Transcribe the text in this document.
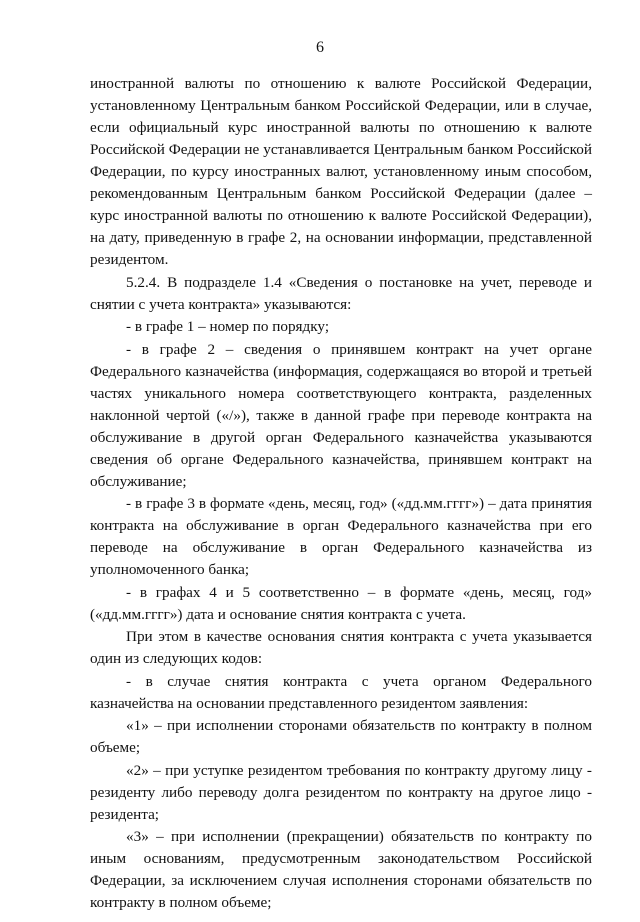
6

иностранной валюты по отношению к валюте Российской Федерации, установленному Центральным банком Российской Федерации, или в случае, если официальный курс иностранной валюты по отношению к валюте Российской Федерации не устанавливается Центральным банком Российской Федерации, по курсу иностранных валют, установленному иным способом, рекомендованным Центральным банком Российской Федерации (далее – курс иностранной валюты по отношению к валюте Российской Федерации), на дату, приведенную в графе 2, на основании информации, представленной резидентом.

5.2.4. В подразделе 1.4 «Сведения о постановке на учет, переводе и снятии с учета контракта» указываются:

- в графе 1 – номер по порядку;

- в графе 2 – сведения о принявшем контракт на учет органе Федерального казначейства (информация, содержащаяся во второй и третьей частях уникального номера соответствующего контракта, разделенных наклонной чертой («/»), также в данной графе при переводе контракта на обслуживание в другой орган Федерального казначейства указываются сведения об органе Федерального казначейства, принявшем контракт на обслуживание;

- в графе 3 в формате «день, месяц, год» («дд.мм.гггг») – дата принятия контракта на обслуживание в орган Федерального казначейства при его переводе на обслуживание в орган Федерального казначейства из уполномоченного банка;

- в графах 4 и 5 соответственно – в формате «день, месяц, год» («дд.мм.гггг») дата и основание снятия контракта с учета.

При этом в качестве основания снятия контракта с учета указывается один из следующих кодов:

- в случае снятия контракта с учета органом Федерального казначейства на основании представленного резидентом заявления:

«1» – при исполнении сторонами обязательств по контракту в полном объеме;

«2» – при уступке резидентом требования по контракту другому лицу - резиденту либо переводу долга резидентом по контракту на другое лицо - резидента;

«3» – при исполнении (прекращении) обязательств по контракту по иным основаниям, предусмотренным законодательством Российской Федерации, за исключением случая исполнения сторонами обязательств по контракту в полном объеме;
